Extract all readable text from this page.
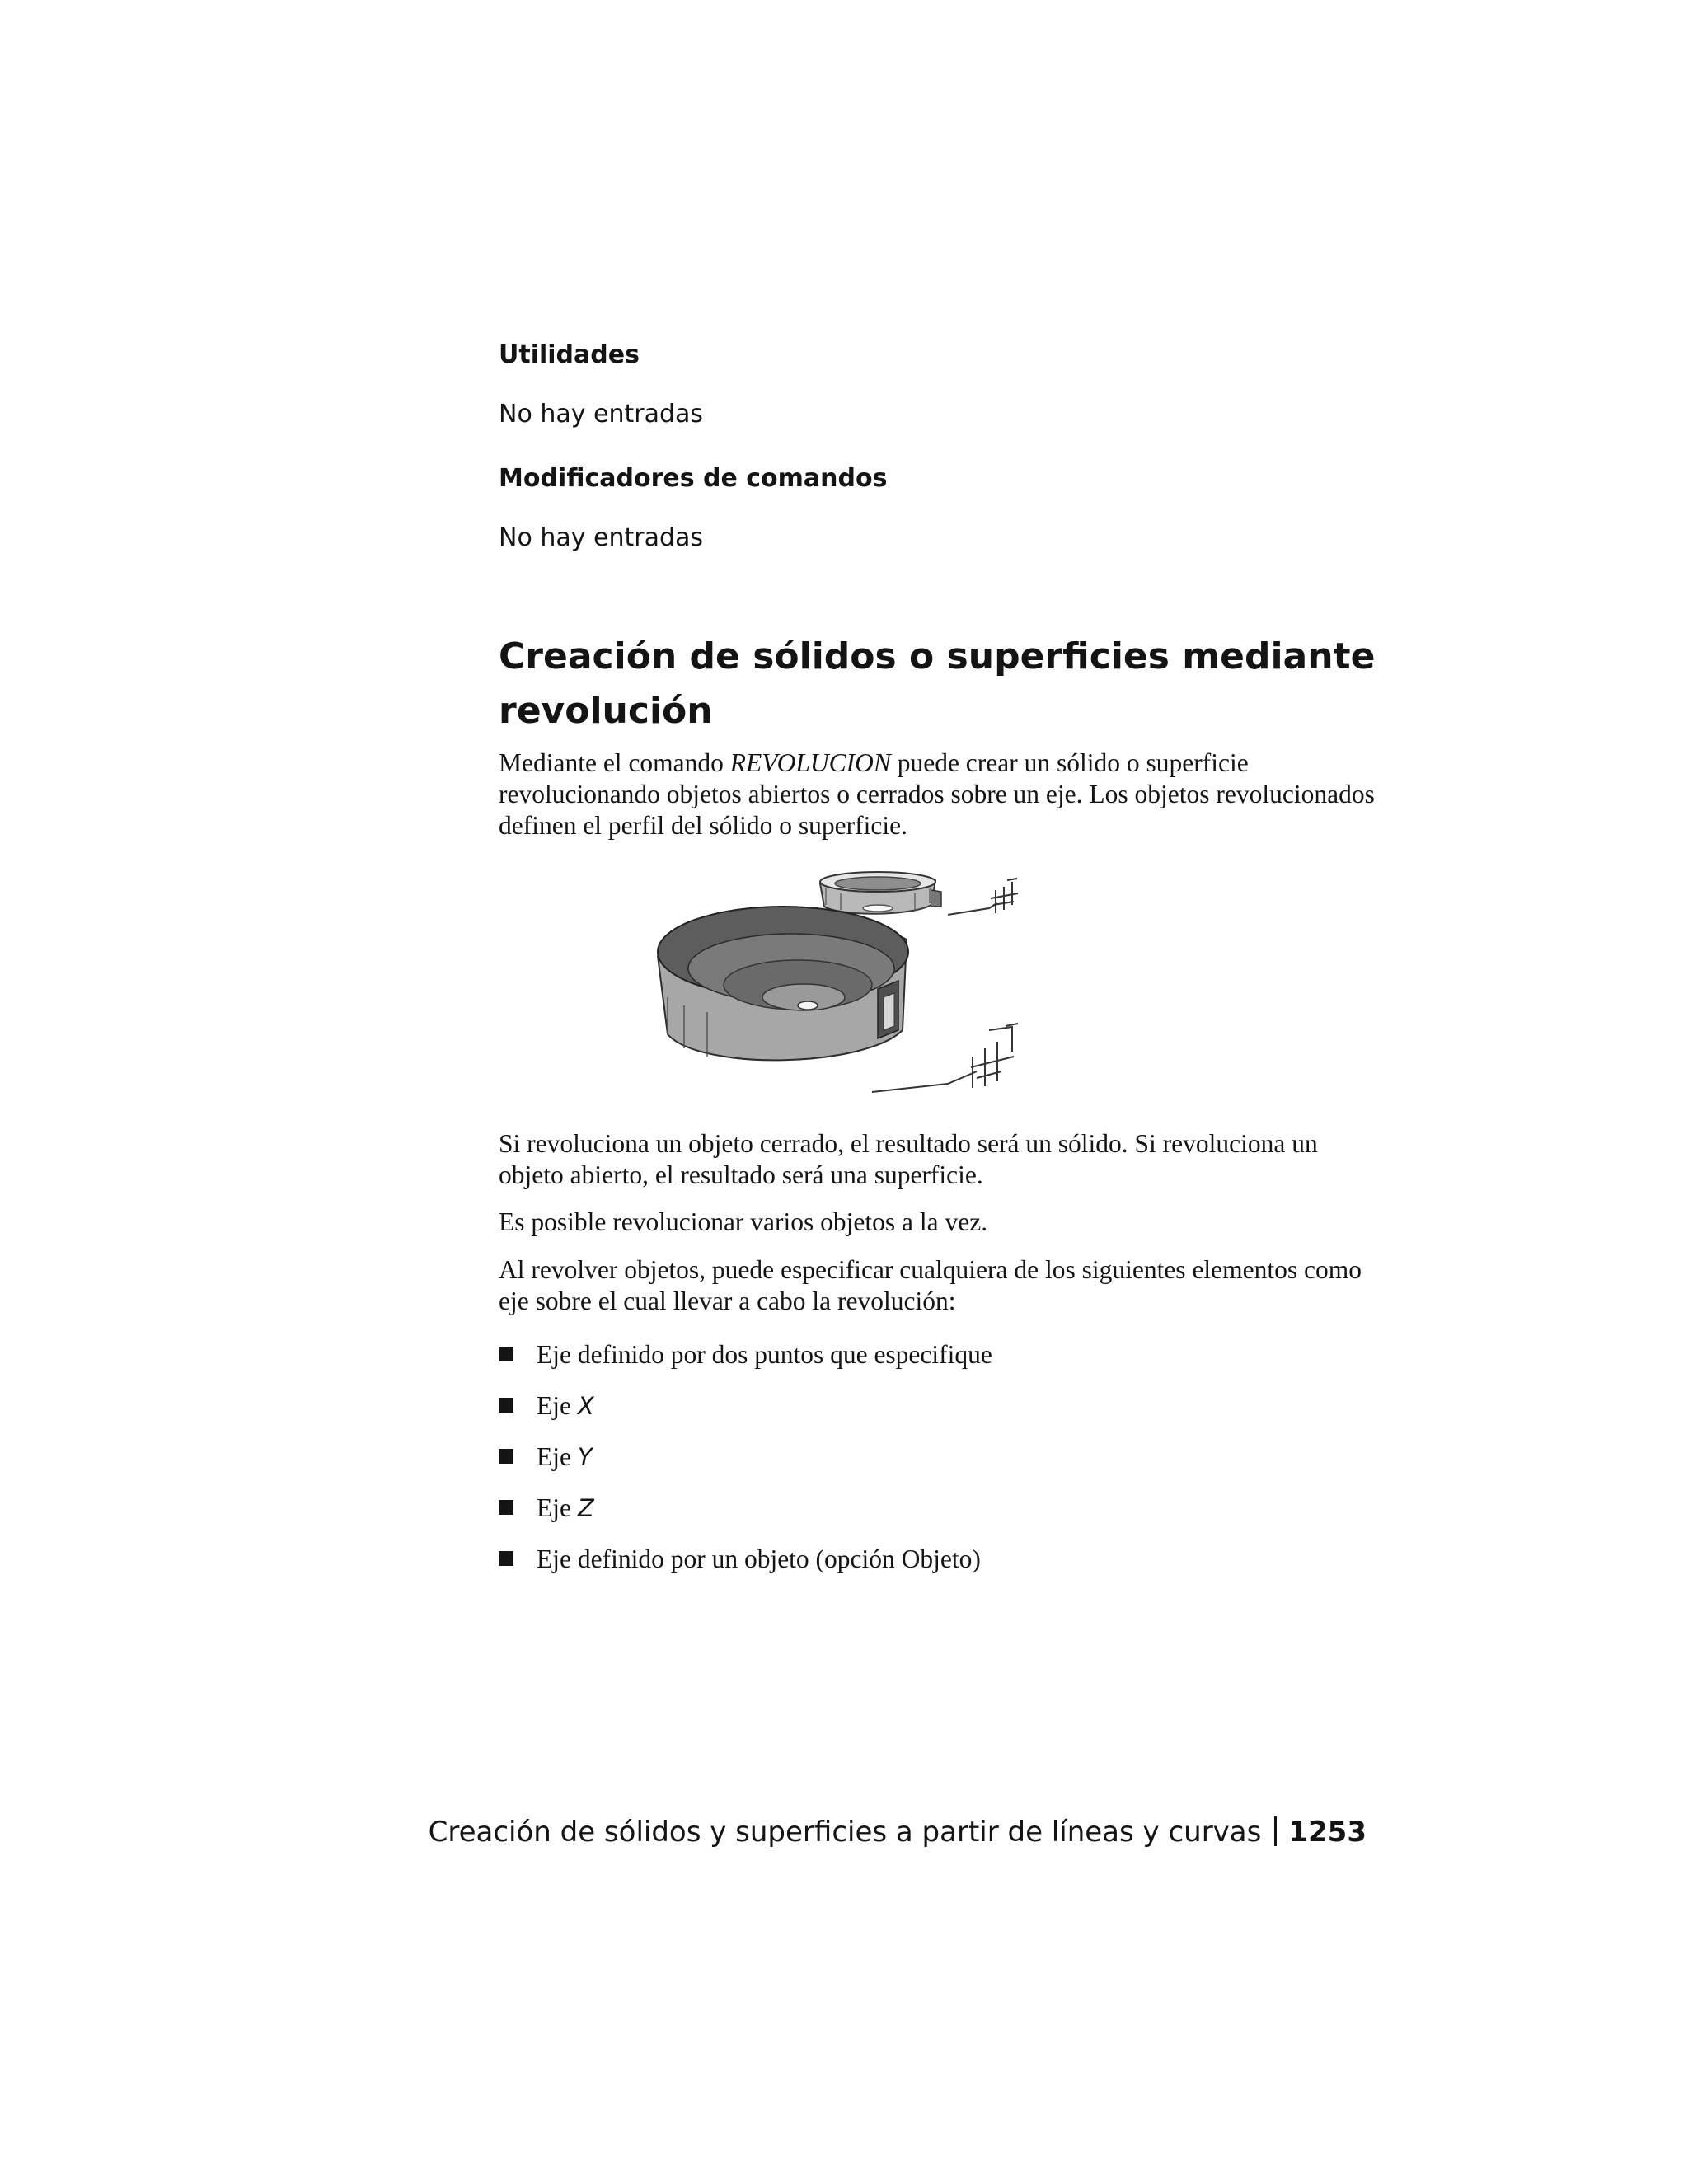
Utilidades
No hay entradas
Modificadores de comandos
No hay entradas
Creación de sólidos o superficies mediante revolución

Mediante el comando REVOLUCION puede crear un sólido o superficie revolucionando objetos abiertos o cerrados sobre un eje. Los objetos revolucionados definen el perfil del sólido o superficie.

Si revoluciona un objeto cerrado, el resultado será un sólido. Si revoluciona un objeto abierto, el resultado será una superficie.

Es posible revolucionar varios objetos a la vez.

Al revolver objetos, puede especificar cualquiera de los siguientes elementos como eje sobre el cual llevar a cabo la revolución:

Eje definido por dos puntos que especifique
Eje X
Eje Y
Eje Z
Eje definido por un objeto (opción Objeto)
Creación de sólidos y superficies a partir de líneas y curvas 1253
